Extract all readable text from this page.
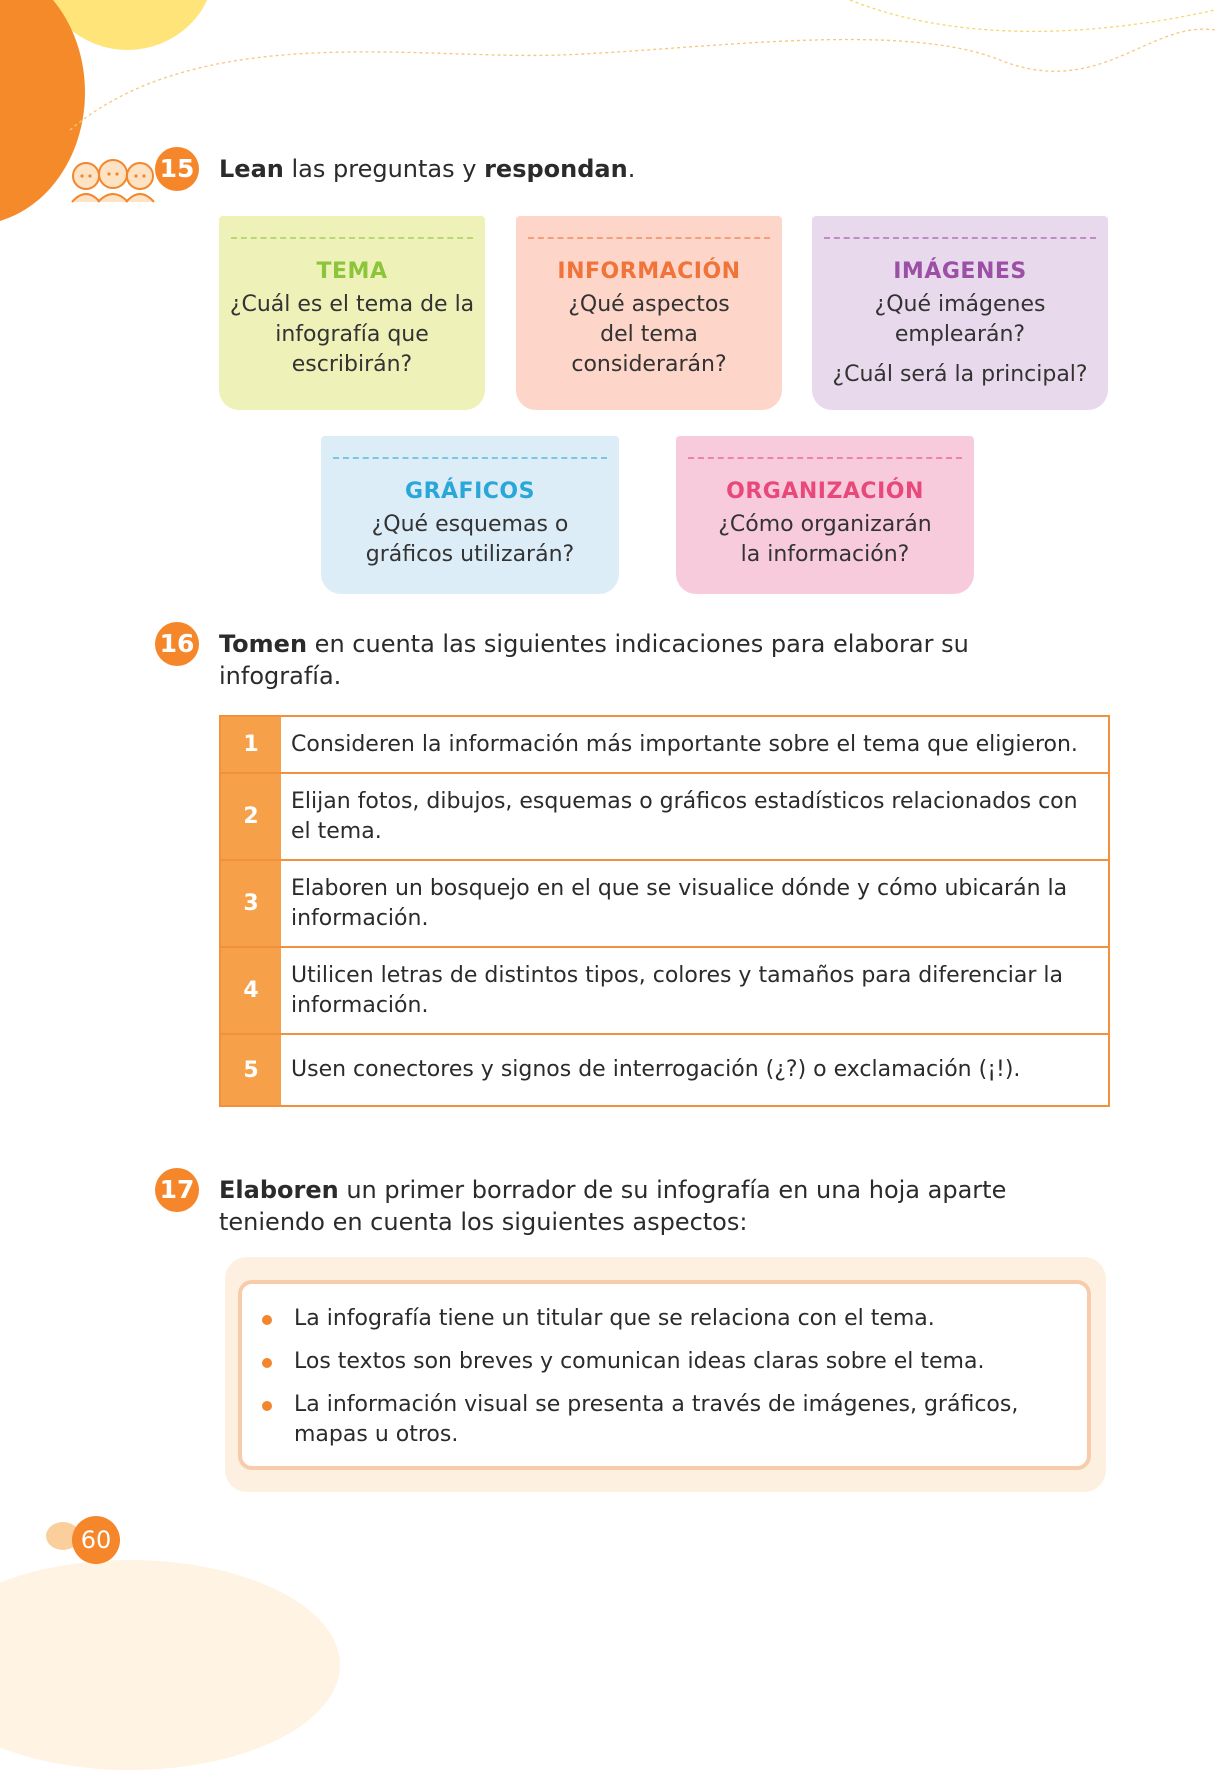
15 Lean las preguntas y respondan.
TEMA
¿Cuál es el tema de la infografía que escribirán?
INFORMACIÓN
¿Qué aspectos del tema considerarán?
IMÁGENES
¿Qué imágenes emplearán?
¿Cuál será la principal?
GRÁFICOS
¿Qué esquemas o gráficos utilizarán?
ORGANIZACIÓN
¿Cómo organizarán la información?
16 Tomen en cuenta las siguientes indicaciones para elaborar su infografía.
1	Consideren la información más importante sobre el tema que eligieron.
2
Elijan fotos, dibujos, esquemas o gráficos estadísticos relacionados con el tema.
3
Elaboren un bosquejo en el que se visualice dónde y cómo ubicarán la información.
4
Utilicen letras de distintos tipos, colores y tamaños para diferenciar la información.
5	Usen conectores y signos de interrogación (¿?) o exclamación (¡!).
17 Elaboren un primer borrador de su infografía en una hoja aparte teniendo en cuenta los siguientes aspectos:
La infografía tiene un titular que se relaciona con el tema.
Los textos son breves y comunican ideas claras sobre el tema.
La información visual se presenta a través de imágenes, gráficos, mapas u otros.
60
